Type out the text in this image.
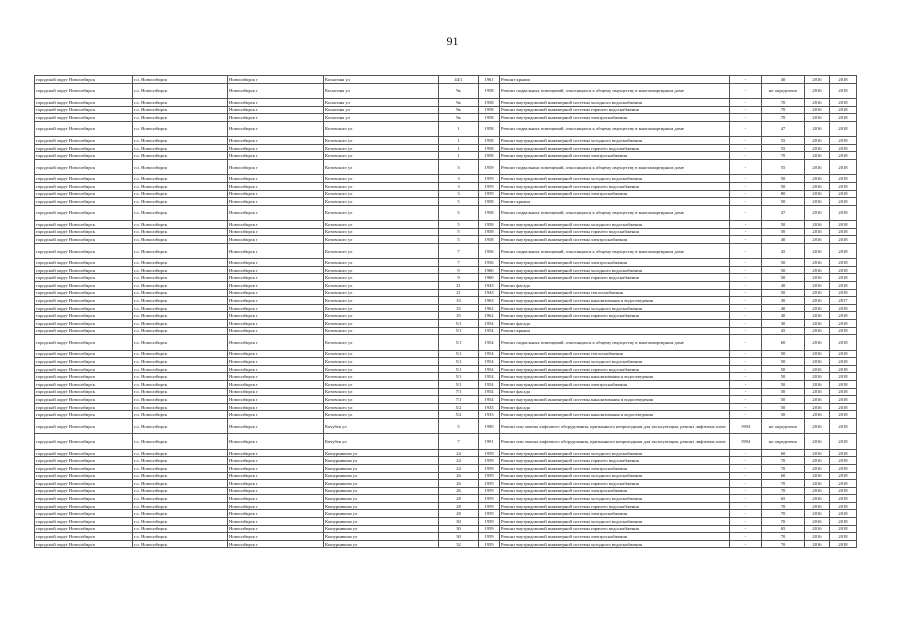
91
городской округ Новосибирск	г.о. Новосибирск	Новосибирск г	Косыгина ул	44/1	1961	Ремонт крыши	-	40	2016	2018
городской округ Новосибирск	г.о. Новосибирск	Новосибирск г	Косыгина ул	9к	1958	Ремонт подвальных помещений, относящихся к общему имуществу в многоквартирном доме	-	не определено	2016	2018
городской округ Новосибирск	г.о. Новосибирск	Новосибирск г	Косыгина ул	9к	1958	Ремонт внутридомовой инженерной системы холодного водоснабжения	-	70	2016	2018
городской округ Новосибирск	г.о. Новосибирск	Новосибирск г	Косыгина ул	9к	1958	Ремонт внутридомовой инженерной системы горячего водоснабжения	-	70	2016	2018
городской округ Новосибирск	г.о. Новосибирск	Новосибирск г	Косыгина ул	9к	1958	Ремонт внутридомовой инженерной системы электроснабжения	-	70	2016	2018
городской округ Новосибирск	г.о. Новосибирск	Новосибирск г	Котовского ул	1	1958	Ремонт подвальных помещений, относящихся к общему имуществу в многоквартирном доме	-	47	2016	2018
городской округ Новосибирск	г.о. Новосибирск	Новосибирск г	Котовского ул	1	1958	Ремонт внутридомовой инженерной системы холодного водоснабжения	-	55	2016	2018
городской округ Новосибирск	г.о. Новосибирск	Новосибирск г	Котовского ул	1	1958	Ремонт внутридомовой инженерной системы горячего водоснабжения	-	55	2016	2018
городской округ Новосибирск	г.о. Новосибирск	Новосибирск г	Котовского ул	1	1958	Ремонт внутридомовой инженерной системы электроснабжения	-	70	2016	2018
городской округ Новосибирск	г.о. Новосибирск	Новосибирск г	Котовского ул	3	1959	Ремонт подвальных помещений, относящихся к общему имуществу в многоквартирном доме	-	55	2016	2018
городской округ Новосибирск	г.о. Новосибирск	Новосибирск г	Котовского ул	3	1959	Ремонт внутридомовой инженерной системы холодного водоснабжения	-	50	2016	2018
городской округ Новосибирск	г.о. Новосибирск	Новосибирск г	Котовского ул	3	1959	Ремонт внутридомовой инженерной системы горячего водоснабжения	-	50	2016	2018
городской округ Новосибирск	г.о. Новосибирск	Новосибирск г	Котовского ул	3	1959	Ремонт внутридомовой инженерной системы электроснабжения	-	80	2016	2018
городской округ Новосибирск	г.о. Новосибирск	Новосибирск г	Котовского ул	5	1958	Ремонт крыши	-	50	2016	2018
городской округ Новосибирск	г.о. Новосибирск	Новосибирск г	Котовского ул	5	1958	Ремонт подвальных помещений, относящихся к общему имуществу в многоквартирном доме	-	47	2016	2018
городской округ Новосибирск	г.о. Новосибирск	Новосибирск г	Котовского ул	5	1958	Ремонт внутридомовой инженерной системы холодного водоснабжения	-	50	2016	2018
городской округ Новосибирск	г.о. Новосибирск	Новосибирск г	Котовского ул	5	1958	Ремонт внутридомовой инженерной системы горячего водоснабжения	-	50	2016	2018
городской округ Новосибирск	г.о. Новосибирск	Новосибирск г	Котовского ул	5	1958	Ремонт внутридомовой инженерной системы электроснабжения	-	40	2016	2018
городской округ Новосибирск	г.о. Новосибирск	Новосибирск г	Котовского ул	7	1956	Ремонт подвальных помещений, относящихся к общему имуществу в многоквартирном доме	-	45	2016	2018
городской округ Новосибирск	г.о. Новосибирск	Новосибирск г	Котовского ул	7	1956	Ремонт внутридомовой инженерной системы электроснабжения	-	50	2016	2018
городской округ Новосибирск	г.о. Новосибирск	Новосибирск г	Котовского ул	9	1960	Ремонт внутридомовой инженерной системы холодного водоснабжения	-	50	2016	2018
городской округ Новосибирск	г.о. Новосибирск	Новосибирск г	Котовского ул	9	1960	Ремонт внутридомовой инженерной системы горячего водоснабжения	-	50	2016	2018
городской округ Новосибирск	г.о. Новосибирск	Новосибирск г	Котовского ул	21	1943	Ремонт фасада	-	40	2016	2018
городской округ Новосибирск	г.о. Новосибирск	Новосибирск г	Котовского ул	21	1943	Ремонт внутридомовой инженерной системы теплоснабжения	-	50	2016	2018
городской округ Новосибирск	г.о. Новосибирск	Новосибирск г	Котовского ул	33	1963	Ремонт внутридомовой инженерной системы канализования и водоотведения	-	30	2016	2017
городской округ Новосибирск	г.о. Новосибирск	Новосибирск г	Котовского ул	35	1962	Ремонт внутридомовой инженерной системы холодного водоснабжения	-	40	2016	2018
городской округ Новосибирск	г.о. Новосибирск	Новосибирск г	Котовского ул	35	1962	Ремонт внутридомовой инженерной системы горячего водоснабжения	-	40	2016	2018
городской округ Новосибирск	г.о. Новосибирск	Новосибирск г	Котовского ул	5/1	1954	Ремонт фасада	-	30	2016	2018
городской округ Новосибирск	г.о. Новосибирск	Новосибирск г	Котовского ул	5/1	1954	Ремонт крыши	-	45	2016	2018
городской округ Новосибирск	г.о. Новосибирск	Новосибирск г	Котовского ул	5/1	1954	Ремонт подвальных помещений, относящихся к общему имуществу в многоквартирном доме	-	60	2016	2018
городской округ Новосибирск	г.о. Новосибирск	Новосибирск г	Котовского ул	5/1	1954	Ремонт внутридомовой инженерной системы теплоснабжения	-	50	2016	2018
городской округ Новосибирск	г.о. Новосибирск	Новосибирск г	Котовского ул	5/1	1954	Ремонт внутридомовой инженерной системы холодного водоснабжения	-	50	2016	2018
городской округ Новосибирск	г.о. Новосибирск	Новосибирск г	Котовского ул	5/1	1954	Ремонт внутридомовой инженерной системы горячего водоснабжения	-	50	2016	2018
городской округ Новосибирск	г.о. Новосибирск	Новосибирск г	Котовского ул	5/1	1954	Ремонт внутридомовой инженерной системы канализования и водоотведения	-	50	2016	2018
городской округ Новосибирск	г.о. Новосибирск	Новосибирск г	Котовского ул	5/1	1954	Ремонт внутридомовой инженерной системы электроснабжения	-	50	2016	2018
городской округ Новосибирск	г.о. Новосибирск	Новосибирск г	Котовского ул	7/1	1954	Ремонт фасада	-	50	2016	2018
городской округ Новосибирск	г.о. Новосибирск	Новосибирск г	Котовского ул	7/1	1954	Ремонт внутридомовой инженерной системы канализования и водоотведения	-	50	2016	2018
городской округ Новосибирск	г.о. Новосибирск	Новосибирск г	Котовского ул	5/2	1933	Ремонт фасада	-	50	2016	2018
городской округ Новосибирск	г.о. Новосибирск	Новосибирск г	Котовского ул	5/2	1933	Ремонт внутридомовой инженерной системы канализования и водоотведения	-	50	2016	2018
городской округ Новосибирск	г.о. Новосибирск	Новосибирск г	Кочубея ул	5	1990	Ремонт или замена лифтового оборудования, признанного непригодным для эксплуатации, ремонт лифтовых шахт	1994	не определено	2016	2018
городской округ Новосибирск	г.о. Новосибирск	Новосибирск г	Кочубея ул	7	1991	Ремонт или замена лифтового оборудования, признанного непригодным для эксплуатации, ремонт лифтовых шахт	1994	не определено	2016	2018
городской округ Новосибирск	г.о. Новосибирск	Новосибирск г	Кошурникова ул	24	1959	Ремонт внутридомовой инженерной системы холодного водоснабжения	-	60	2016	2018
городской округ Новосибирск	г.о. Новосибирск	Новосибирск г	Кошурникова ул	24	1959	Ремонт внутридомовой инженерной системы горячего водоснабжения	-	70	2016	2018
городской округ Новосибирск	г.о. Новосибирск	Новосибирск г	Кошурникова ул	24	1959	Ремонт внутридомовой инженерной системы электроснабжения	-	70	2016	2018
городской округ Новосибирск	г.о. Новосибирск	Новосибирск г	Кошурникова ул	26	1959	Ремонт внутридомовой инженерной системы холодного водоснабжения	-	60	2016	2018
городской округ Новосибирск	г.о. Новосибирск	Новосибирск г	Кошурникова ул	26	1959	Ремонт внутридомовой инженерной системы горячего водоснабжения	-	70	2016	2018
городской округ Новосибирск	г.о. Новосибирск	Новосибирск г	Кошурникова ул	26	1959	Ремонт внутридомовой инженерной системы электроснабжения	-	70	2016	2018
городской округ Новосибирск	г.о. Новосибирск	Новосибирск г	Кошурникова ул	28	1959	Ремонт внутридомовой инженерной системы холодного водоснабжения	-	65	2016	2018
городской округ Новосибирск	г.о. Новосибирск	Новосибирск г	Кошурникова ул	28	1959	Ремонт внутридомовой инженерной системы горячего водоснабжения	-	70	2016	2018
городской округ Новосибирск	г.о. Новосибирск	Новосибирск г	Кошурникова ул	28	1959	Ремонт внутридомовой инженерной системы электроснабжения	-	70	2016	2018
городской округ Новосибирск	г.о. Новосибирск	Новосибирск г	Кошурникова ул	30	1959	Ремонт внутридомовой инженерной системы холодного водоснабжения	-	70	2016	2018
городской округ Новосибирск	г.о. Новосибирск	Новосибирск г	Кошурникова ул	30	1959	Ремонт внутридомовой инженерной системы горячего водоснабжения	-	65	2016	2018
городской округ Новосибирск	г.о. Новосибирск	Новосибирск г	Кошурникова ул	30	1959	Ремонт внутридомовой инженерной системы электроснабжения	-	70	2016	2018
городской округ Новосибирск	г.о. Новосибирск	Новосибирск г	Кошурникова ул	32	1959	Ремонт внутридомовой инженерной системы холодного водоснабжения	-	70	2016	2018
